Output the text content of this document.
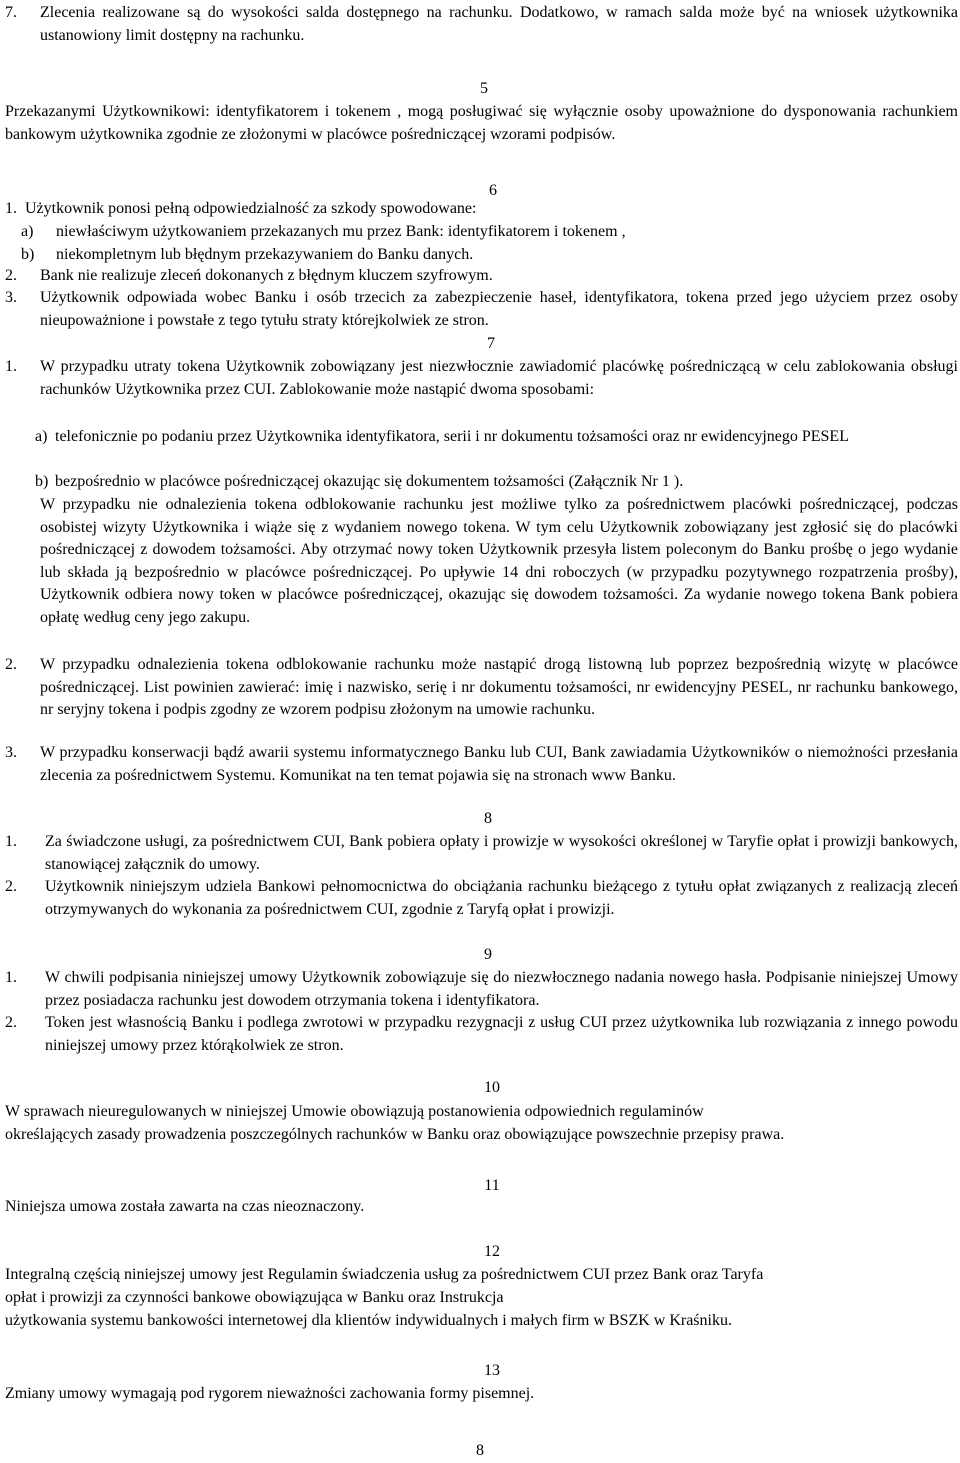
7.	Zlecenia realizowane są do wysokości salda dostępnego na rachunku. Dodatkowo, w ramach salda może być na wniosek użytkownika ustanowiony limit dostępny na rachunku.
5

Przekazanymi Użytkownikowi: identyfikatorem i tokenem , mogą posługiwać się wyłącznie osoby upoważnione do dysponowania rachunkiem bankowym użytkownika zgodnie ze złożonymi w placówce pośredniczącej wzorami podpisów.

6
1. Użytkownik ponosi pełną odpowiedzialność za szkody spowodowane:
a)	niewłaściwym użytkowaniem przekazanych mu przez Bank: identyfikatorem i tokenem ,
b)	niekompletnym lub błędnym przekazywaniem do Banku danych.
2.	Bank nie realizuje zleceń dokonanych z błędnym kluczem szyfrowym.
3.	Użytkownik odpowiada wobec Banku i osób trzecich za zabezpieczenie haseł, identyfikatora, tokena przed jego użyciem przez osoby nieupoważnione i powstałe z tego tytułu straty którejkolwiek ze stron.
7
1.	W przypadku utraty tokena Użytkownik zobowiązany jest niezwłocznie zawiadomić placówkę pośredniczącą w celu zablokowania obsługi rachunków Użytkownika przez CUI. Zablokowanie może nastąpić dwoma sposobami:
a) telefonicznie po podaniu przez Użytkownika identyfikatora, serii i nr dokumentu tożsamości oraz nr ewidencyjnego PESEL
b) bezpośrednio w placówce pośredniczącej okazując się dokumentem tożsamości (Załącznik Nr 1 ).

W przypadku nie odnalezienia tokena odblokowanie rachunku jest możliwe tylko za pośrednictwem placówki pośredniczącej, podczas osobistej wizyty Użytkownika i wiąże się z wydaniem nowego tokena. W tym celu Użytkownik zobowiązany jest zgłosić się do placówki pośredniczącej z dowodem tożsamości. Aby otrzymać nowy token Użytkownik przesyła listem poleconym do Banku prośbę o jego wydanie lub składa ją bezpośrednio w placówce pośredniczącej. Po upływie 14 dni roboczych (w przypadku pozytywnego rozpatrzenia prośby), Użytkownik odbiera nowy token w placówce pośredniczącej, okazując się dowodem tożsamości. Za wydanie nowego tokena Bank pobiera opłatę według ceny jego zakupu.

2.	W przypadku odnalezienia tokena odblokowanie rachunku może nastąpić drogą listowną lub poprzez bezpośrednią wizytę w placówce pośredniczącej. List powinien zawierać: imię i nazwisko, serię i nr dokumentu tożsamości, nr ewidencyjny PESEL, nr rachunku bankowego, nr seryjny tokena i podpis zgodny ze wzorem podpisu złożonym na umowie rachunku.
3.	W przypadku konserwacji bądź awarii systemu informatycznego Banku lub CUI, Bank zawiadamia Użytkowników o niemożności przesłania zlecenia za pośrednictwem Systemu. Komunikat na ten temat pojawia się na stronach www Banku.
8
1.	Za świadczone usługi, za pośrednictwem CUI, Bank pobiera opłaty i prowizje w wysokości określonej w Taryfie opłat i prowizji bankowych, stanowiącej załącznik do umowy.
2.	Użytkownik niniejszym udziela Bankowi pełnomocnictwa do obciążania rachunku bieżącego z tytułu opłat związanych z realizacją zleceń otrzymywanych do wykonania za pośrednictwem CUI, zgodnie z Taryfą opłat i prowizji.
9
1.	W chwili podpisania niniejszej umowy Użytkownik zobowiązuje się do niezwłocznego nadania nowego hasła. Podpisanie niniejszej Umowy przez posiadacza rachunku jest dowodem otrzymania tokena i identyfikatora.
2.	Token jest własnością Banku i podlega zwrotowi w przypadku rezygnacji z usług CUI przez użytkownika lub rozwiązania z innego powodu niniejszej umowy przez którąkolwiek ze stron.
10

W sprawach nieuregulowanych w niniejszej Umowie obowiązują postanowienia odpowiednich regulaminów

określających zasady prowadzenia poszczególnych rachunków w Banku oraz obowiązujące powszechnie przepisy prawa.

11

Niniejsza umowa została zawarta na czas nieoznaczony.

12

Integralną częścią niniejszej umowy jest Regulamin świadczenia usług za pośrednictwem CUI przez Bank oraz Taryfa

opłat i prowizji za czynności bankowe obowiązująca w Banku oraz Instrukcja

użytkowania systemu bankowości internetowej dla klientów indywidualnych i małych firm w BSZK w Kraśniku.

13

Zmiany umowy wymagają pod rygorem nieważności zachowania formy pisemnej.

8
